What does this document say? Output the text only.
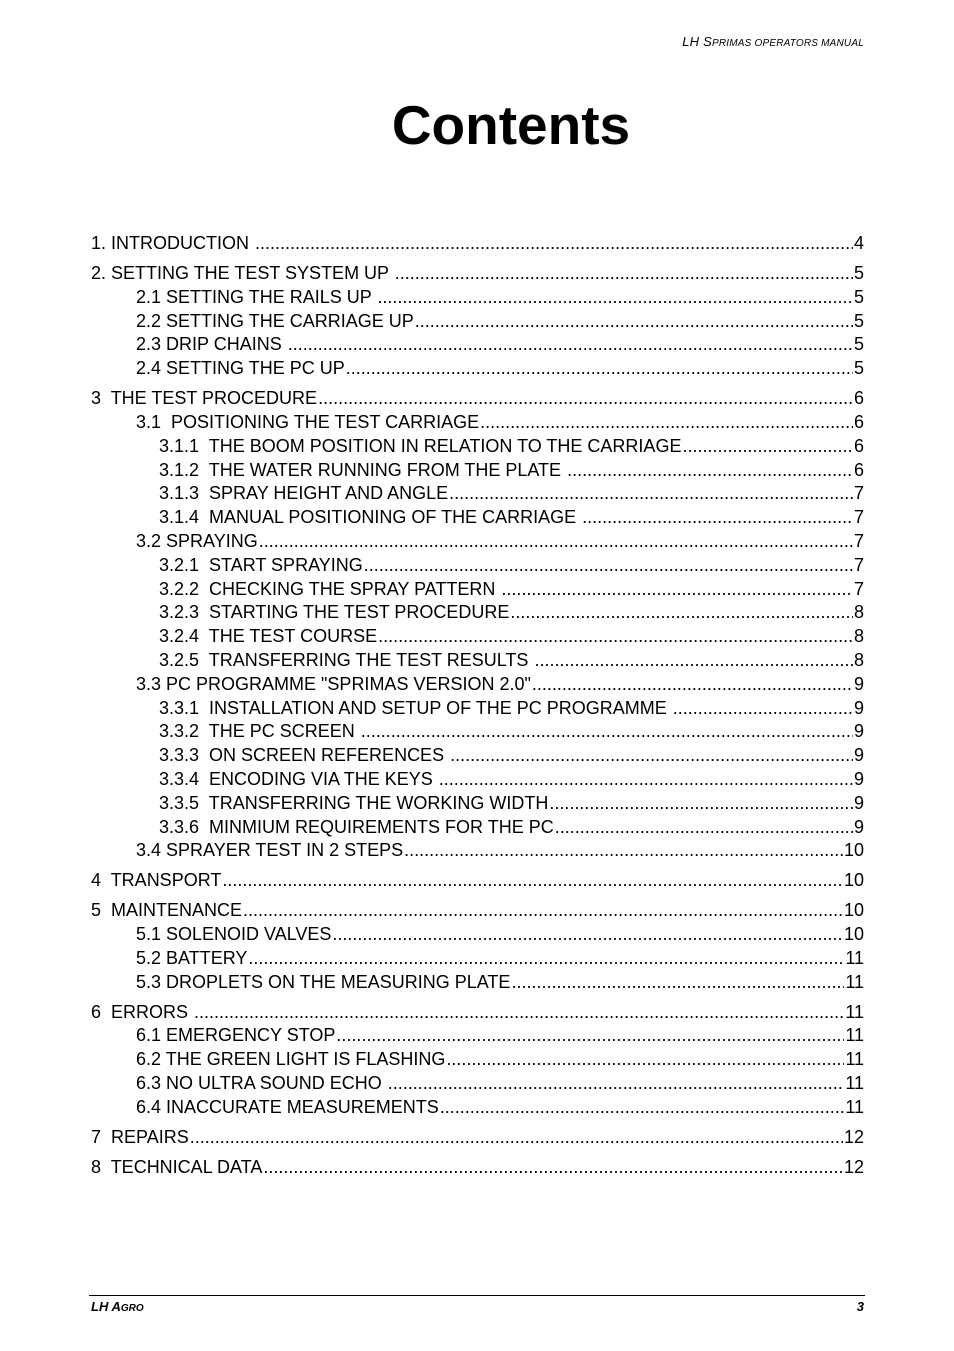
LH SPRIMAS OPERATORS MANUAL
Contents
1. INTRODUCTION .....	4
2. SETTING THE TEST SYSTEM UP .....	5
2.1 SETTING THE RAILS UP .....	5
2.2 SETTING THE CARRIAGE UP .....	5
2.3 DRIP CHAINS .....	5
2.4 SETTING THE PC UP .....	5
3  THE TEST PROCEDURE .....	6
3.1  POSITIONING THE TEST CARRIAGE .....	6
3.1.1  THE BOOM POSITION IN RELATION TO THE CARRIAGE .....	6
3.1.2  THE WATER RUNNING FROM THE PLATE .....	6
3.1.3  SPRAY HEIGHT AND ANGLE .....	7
3.1.4  MANUAL POSITIONING OF THE CARRIAGE .....	7
3.2 SPRAYING .....	7
3.2.1  START SPRAYING .....	7
3.2.2  CHECKING THE SPRAY PATTERN .....	7
3.2.3  STARTING THE TEST PROCEDURE .....	8
3.2.4  THE TEST COURSE .....	8
3.2.5  TRANSFERRING THE TEST RESULTS .....	8
3.3 PC PROGRAMME "SPRIMAS VERSION 2.0" .....	9
3.3.1  INSTALLATION AND SETUP OF THE PC PROGRAMME .....	9
3.3.2  THE PC SCREEN .....	9
3.3.3  ON SCREEN REFERENCES .....	9
3.3.4  ENCODING VIA THE KEYS .....	9
3.3.5  TRANSFERRING THE WORKING WIDTH .....	9
3.3.6  MINMIUM REQUIREMENTS FOR THE PC .....	9
3.4 SPRAYER TEST IN 2 STEPS .....	10
4  TRANSPORT .....	10
5  MAINTENANCE .....	10
5.1 SOLENOID VALVES .....	10
5.2 BATTERY .....	11
5.3 DROPLETS ON THE MEASURING PLATE .....	11
6  ERRORS .....	11
6.1 EMERGENCY STOP .....	11
6.2 THE GREEN LIGHT IS FLASHING .....	11
6.3 NO ULTRA SOUND ECHO .....	11
6.4 INACCURATE MEASUREMENTS .....	11
7  REPAIRS .....	12
8  TECHNICAL DATA .....	12
LH AGRO	3
